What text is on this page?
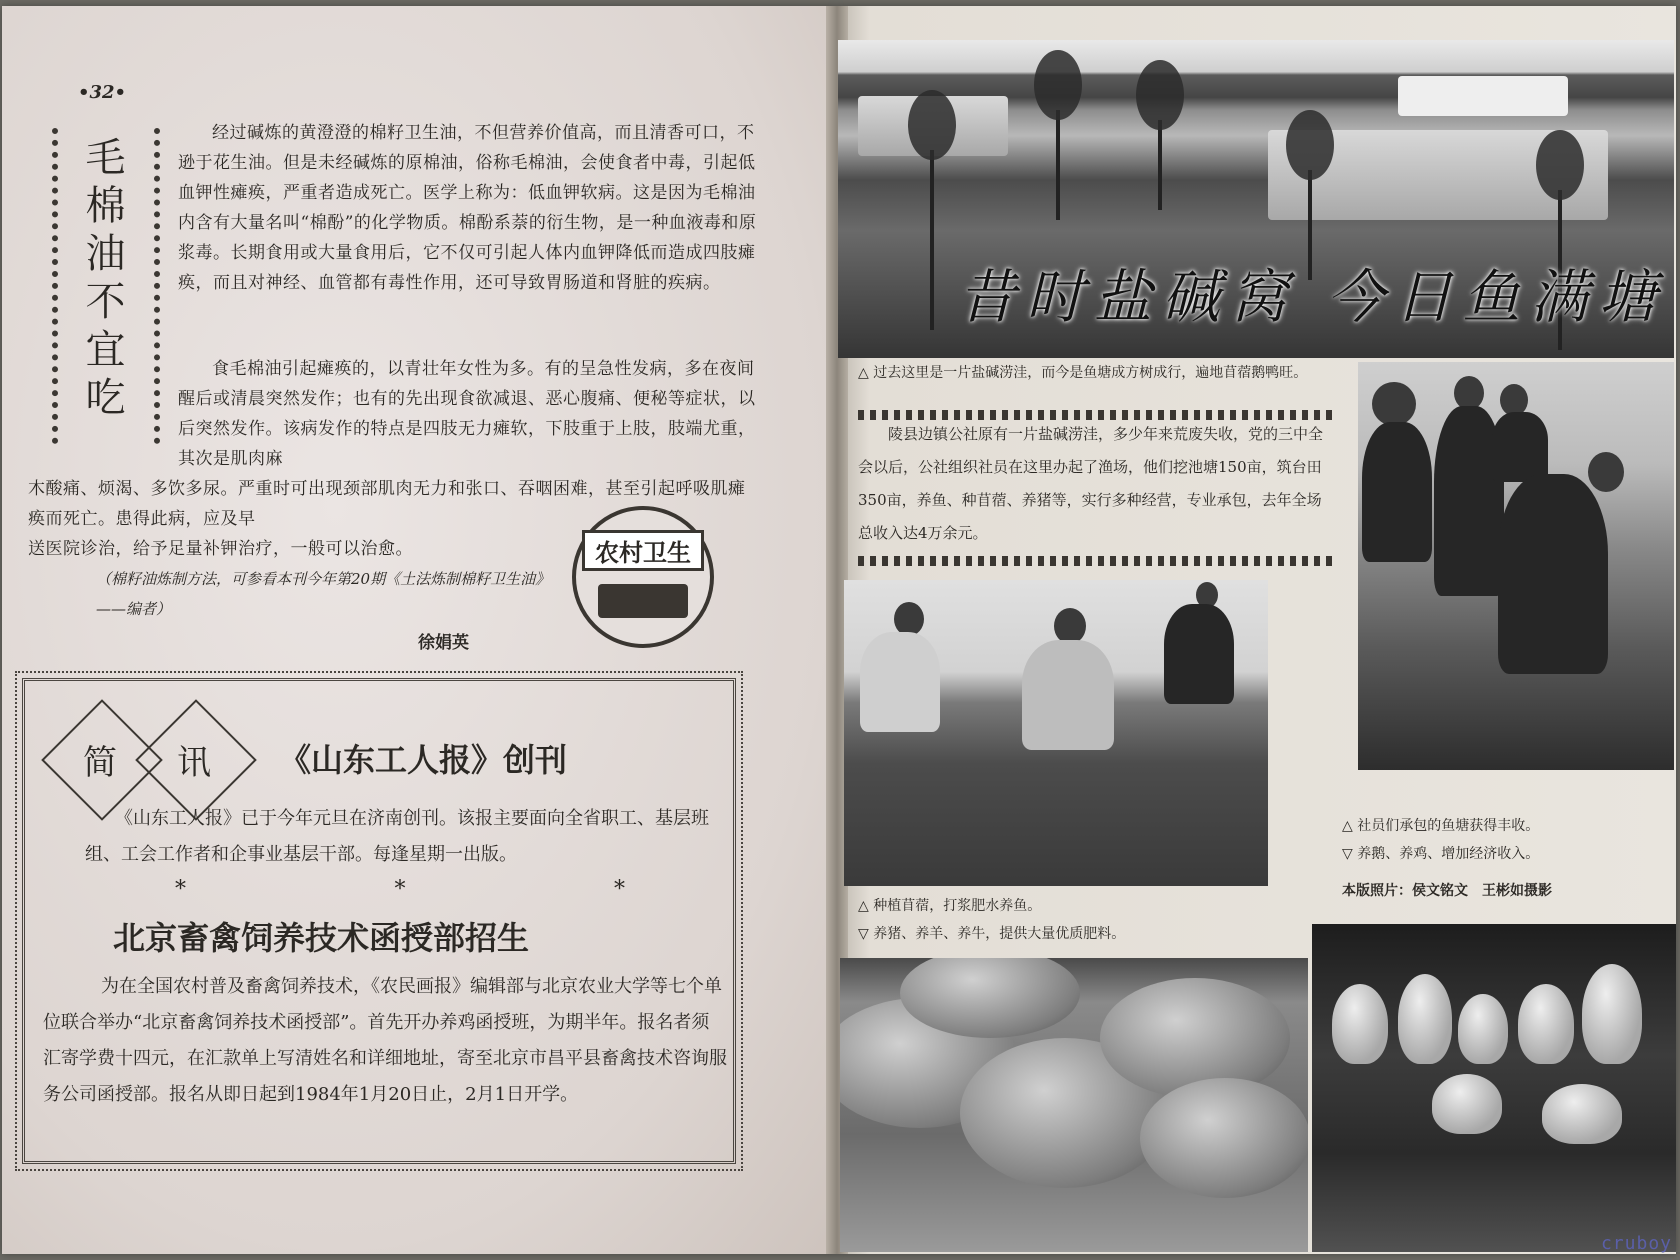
•32•
毛棉油不宜吃

经过碱炼的黄澄澄的棉籽卫生油，不但营养价值高，而且清香可口，不逊于花生油。但是未经碱炼的原棉油，俗称毛棉油，会使食者中毒，引起低血钾性瘫痪，严重者造成死亡。医学上称为：低血钾软病。这是因为毛棉油内含有大量名叫“棉酚”的化学物质。棉酚系萘的衍生物，是一种血液毒和原浆毒。长期食用或大量食用后，它不仅可引起人体内血钾降低而造成四肢瘫痪，而且对神经、血管都有毒性作用，还可导致胃肠道和肾脏的疾病。

食毛棉油引起瘫痪的，以青壮年女性为多。有的呈急性发病，多在夜间醒后或清晨突然发作；也有的先出现食欲减退、恶心腹痛、便秘等症状，以后突然发作。该病发作的特点是四肢无力瘫软，下肢重于上肢，肢端尤重，其次是肌肉麻

木酸痛、烦渴、多饮多尿。严重时可出现颈部肌肉无力和张口、吞咽困难，甚至引起呼吸肌瘫痪而死亡。患得此病，应及早

送医院诊治，给予足量补钾治疗，一般可以治愈。

（棉籽油炼制方法，可参看本刊今年第20期《土法炼制棉籽卫生油》——编者）
徐娟英
农村卫生
简	讯	《山东工人报》创刊
《山东工人报》已于今年元旦在济南创刊。该报主要面向全省职工、基层班组、工会工作者和企事业基层干部。每逢星期一出版。
*	*	*
北京畜禽饲养技术函授部招生
为在全国农村普及畜禽饲养技术，《农民画报》编辑部与北京农业大学等七个单位联合举办“北京畜禽饲养技术函授部”。首先开办养鸡函授班，为期半年。报名者须汇寄学费十四元，在汇款单上写清姓名和详细地址，寄至北京市昌平县畜禽技术咨询服务公司函授部。报名从即日起到1984年1月20日止，2月1日开学。
昔时盐碱窝 今日鱼满塘
△ 过去这里是一片盐碱涝洼，而今是鱼塘成方树成行，遍地苜蓿鹅鸭旺。

陵县边镇公社原有一片盐碱涝洼，多少年来荒废失收，党的三中全会以后，公社组织社员在这里办起了渔场，他们挖池塘150亩，筑台田350亩，养鱼、种苜蓿、养猪等，实行多种经营，专业承包，去年全场总收入达4万余元。

△ 社员们承包的鱼塘获得丰收。

▽ 养鹅、养鸡、增加经济收入。

本版照片：侯文铭文　王彬如摄影

△ 种植苜蓿，打浆肥水养鱼。

▽ 养猪、养羊、养牛，提供大量优质肥料。

cruboy
